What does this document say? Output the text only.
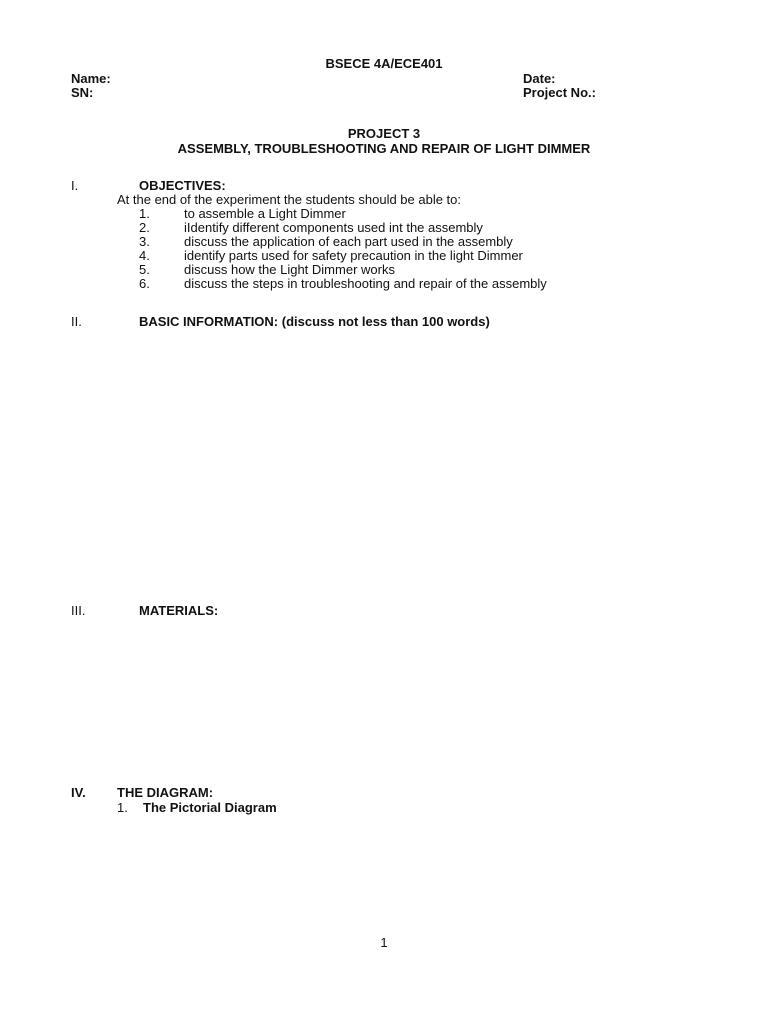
BSECE 4A/ECE401
Name:
SN:
Date:
Project No.:
PROJECT 3
ASSEMBLY, TROUBLESHOOTING AND REPAIR OF LIGHT DIMMER
I.	OBJECTIVES:
At the end of the experiment the students should be able to:
1.	to assemble a Light Dimmer
2.	iIdentify different components used int the assembly
3.	discuss the application of each part used in the assembly
4.	identify parts used for safety precaution in the light Dimmer
5.	discuss how the Light Dimmer works
6.	discuss the steps in troubleshooting and repair of the assembly
II.	BASIC INFORMATION: (discuss not less than 100 words)
III.	MATERIALS:
IV. THE DIAGRAM:
1. The Pictorial Diagram
1
